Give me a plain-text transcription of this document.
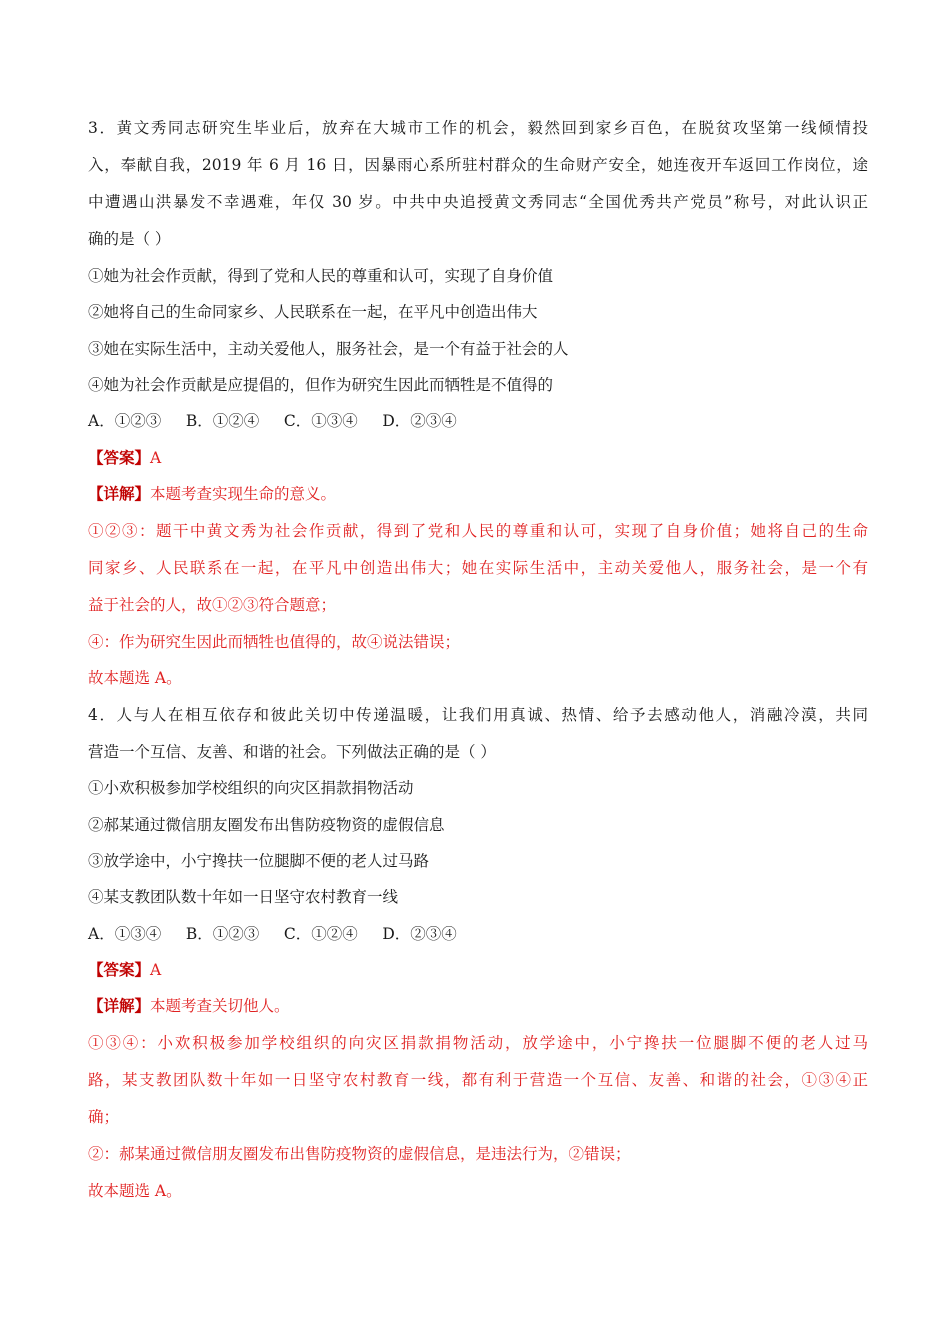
3．黄文秀同志研究生毕业后，放弃在大城市工作的机会，毅然回到家乡百色，在脱贫攻坚第一线倾情投
入，奉献自我，2019 年 6 月 16 日，因暴雨心系所驻村群众的生命财产安全，她连夜开车返回工作岗位，途
中遭遇山洪暴发不幸遇难，年仅 30 岁。中共中央追授黄文秀同志“全国优秀共产党员”称号，对此认识正
确的是（ ）
①她为社会作贡献，得到了党和人民的尊重和认可，实现了自身价值
②她将自己的生命同家乡、人民联系在一起，在平凡中创造出伟大
③她在实际生活中，主动关爱他人，服务社会，是一个有益于社会的人
④她为社会作贡献是应提倡的，但作为研究生因此而牺牲是不值得的
A．①②③     B．①②④     C．①③④     D．②③④
【答案】A
【详解】本题考查实现生命的意义。
①②③：题干中黄文秀为社会作贡献，得到了党和人民的尊重和认可，实现了自身价值；她将自己的生命
同家乡、人民联系在一起，在平凡中创造出伟大；她在实际生活中，主动关爱他人，服务社会，是一个有
益于社会的人，故①②③符合题意；
④：作为研究生因此而牺牲也值得的，故④说法错误；
故本题选 A。
4．人与人在相互依存和彼此关切中传递温暖，让我们用真诚、热情、给予去感动他人，消融冷漠，共同
营造一个互信、友善、和谐的社会。下列做法正确的是（ ）
①小欢积极参加学校组织的向灾区捐款捐物活动
②郝某通过微信朋友圈发布出售防疫物资的虚假信息
③放学途中，小宁搀扶一位腿脚不便的老人过马路
④某支教团队数十年如一日坚守农村教育一线
A．①③④     B．①②③     C．①②④     D．②③④
【答案】A
【详解】本题考查关切他人。
①③④：小欢积极参加学校组织的向灾区捐款捐物活动，放学途中，小宁搀扶一位腿脚不便的老人过马
路，某支教团队数十年如一日坚守农村教育一线，都有利于营造一个互信、友善、和谐的社会，①③④正
确；
②：郝某通过微信朋友圈发布出售防疫物资的虚假信息，是违法行为，②错误；
故本题选 A。
